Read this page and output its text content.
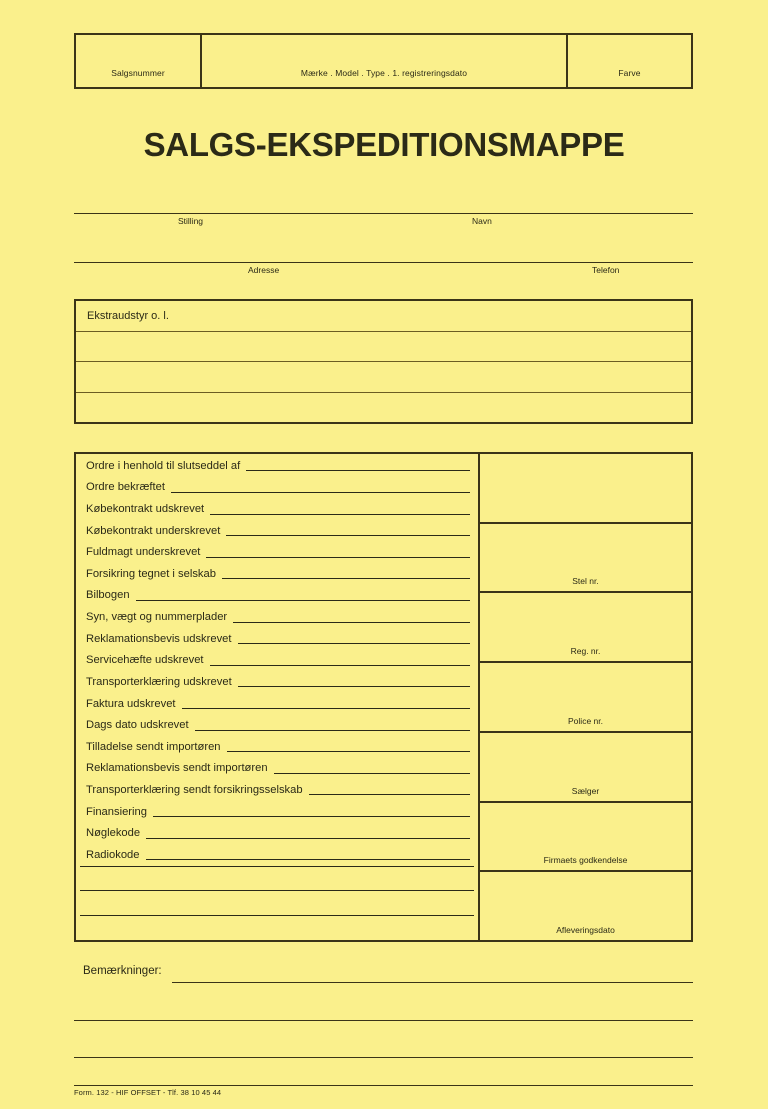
Salgsnummer	Mærke . Model . Type . 1. registreringsdato	Farve
SALGS-EKSPEDITIONSMAPPE
Stilling	Navn
Adresse	Telefon
Ekstraudstyr o. l.
Ordre i henhold til slutseddel af
Ordre bekræftet
Købekontrakt udskrevet
Købekontrakt underskrevet
Fuldmagt underskrevet
Forsikring tegnet i selskab
Bilbogen
Syn, vægt og nummerplader
Reklamationsbevis udskrevet
Servicehæfte udskrevet
Transporterklæring udskrevet
Faktura udskrevet
Dags dato udskrevet
Tilladelse sendt importøren
Reklamationsbevis sendt importøren
Transporterklæring sendt forsikringsselskab
Finansiering
Nøglekode
Radiokode
Stel nr.
Reg. nr.
Police nr.
Sælger
Firmaets godkendelse
Afleveringsdato
Bemærkninger:
Form. 132 - HIF OFFSET - Tlf. 38 10 45 44
